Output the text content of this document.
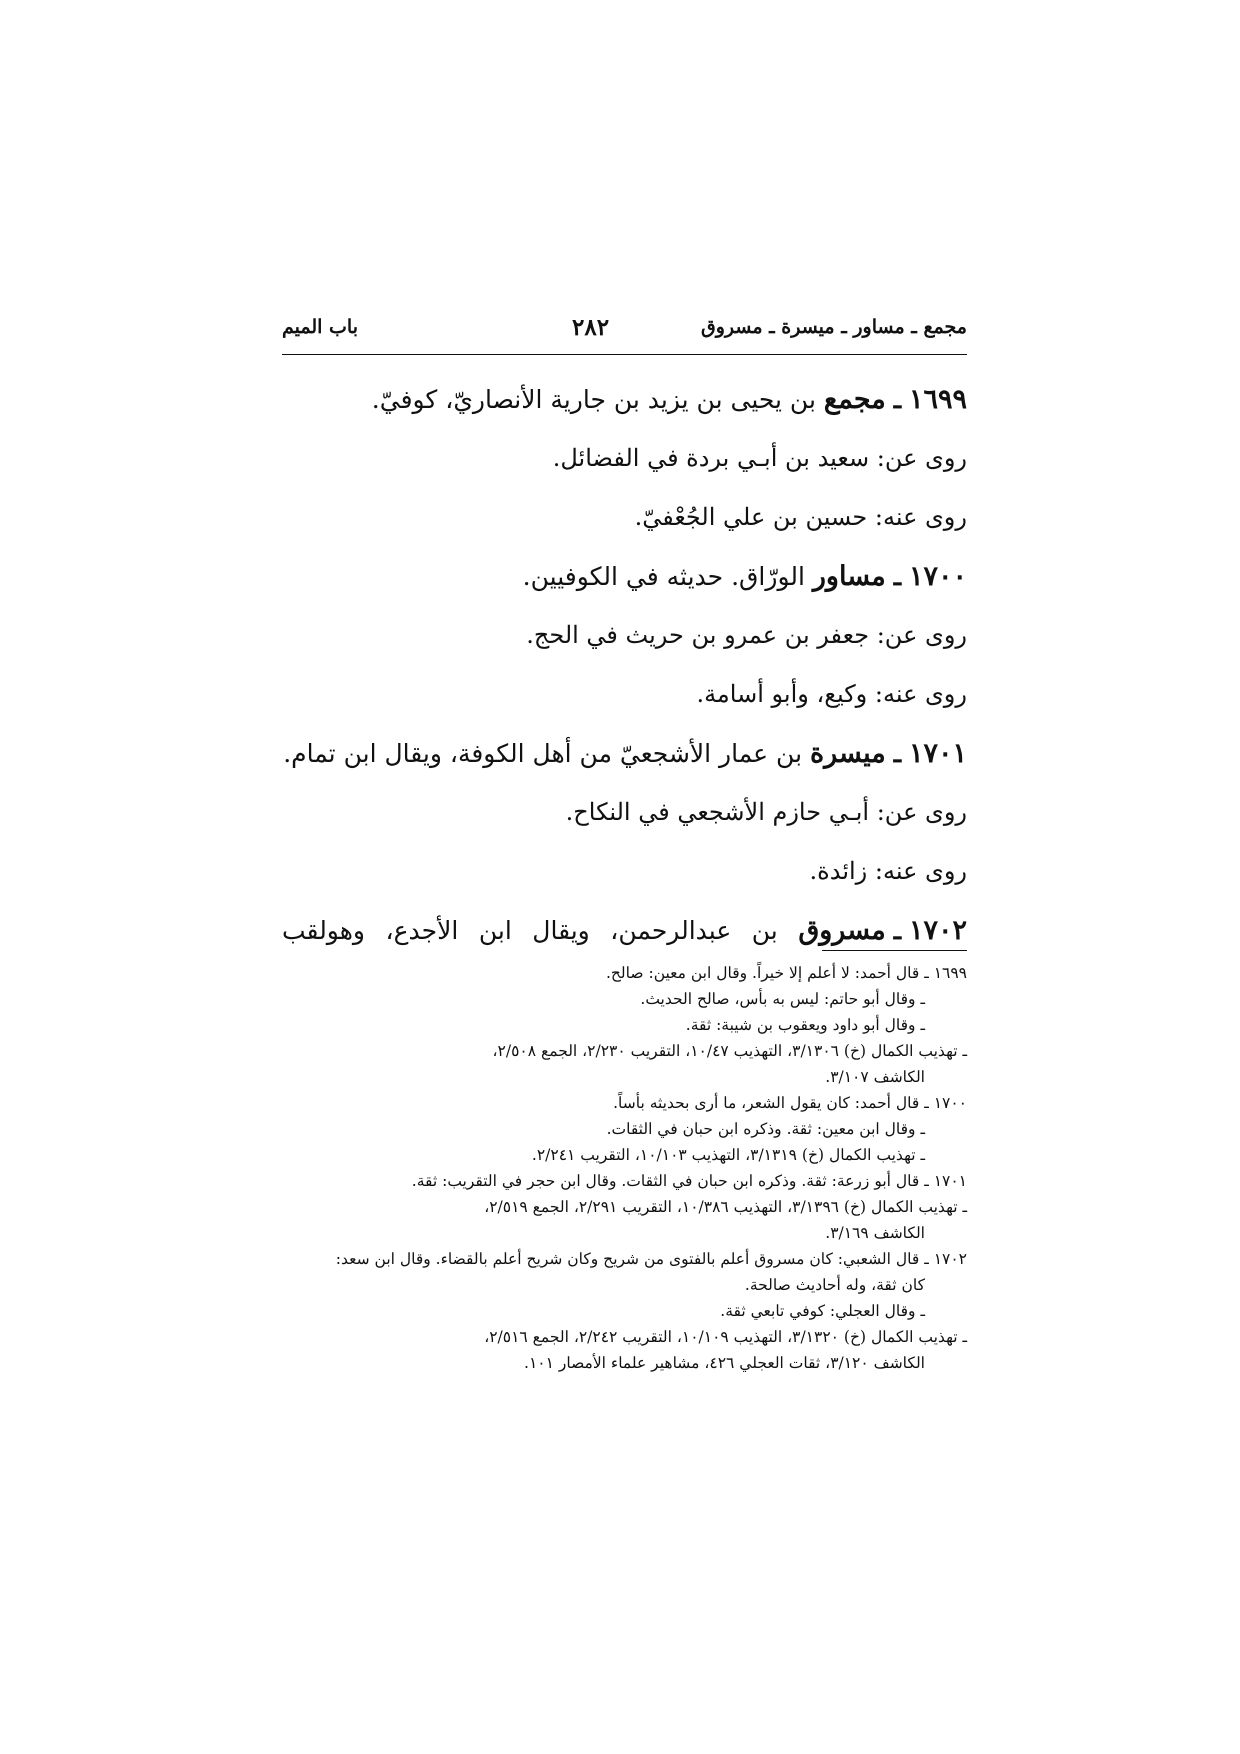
مجمع ـ مساور ـ ميسرة ـ مسروق
٢٨٢
باب الميم
١٦٩٩ ـ مجمع بن يحيى بن يزيد بن جارية الأنصاريّ، كوفيّ.
روى عن: سعيد بن أبـي بردة في الفضائل.
روى عنه: حسين بن علي الجُعْفيّ.
١٧٠٠ ـ مساور الورّاق. حديثه في الكوفيين.
روى عن: جعفر بن عمرو بن حريث في الحج.
روى عنه: وكيع، وأبو أسامة.
١٧٠١ ـ ميسرة بن عمار الأشجعيّ من أهل الكوفة، ويقال ابن تمام.
روى عن: أبـي حازم الأشجعي في النكاح.
روى عنه: زائدة.
١٧٠٢ ـ مسروق
بن
عبدالرحمن،
ويقال
ابن
الأجدع،
وهولقب
١٦٩٩ ـ قال أحمد: لا أعلم إلا خيراً. وقال ابن معين: صالح.
ـ وقال أبو حاتم: ليس به بأس، صالح الحديث.
ـ وقال أبو داود ويعقوب بن شيبة: ثقة.
ـ تهذيب الكمال (خ) ٣/١٣٠٦، التهذيب ١٠/٤٧، التقريب ٢/٢٣٠، الجمع ٢/٥٠٨،
الكاشف ٣/١٠٧.
١٧٠٠ ـ قال أحمد: كان يقول الشعر، ما أرى بحديثه بأساً.
ـ وقال ابن معين: ثقة. وذكره ابن حبان في الثقات.
ـ تهذيب الكمال (خ) ٣/١٣١٩، التهذيب ١٠/١٠٣، التقريب ٢/٢٤١.
١٧٠١ ـ قال أبو زرعة: ثقة. وذكره ابن حبان في الثقات. وقال ابن حجر في التقريب: ثقة.
ـ تهذيب الكمال (خ) ٣/١٣٩٦، التهذيب ١٠/٣٨٦، التقريب ٢/٢٩١، الجمع ٢/٥١٩،
الكاشف ٣/١٦٩.
١٧٠٢ ـ قال الشعبي: كان مسروق أعلم بالفتوى من شريح وكان شريح أعلم بالقضاء. وقال ابن سعد:
كان ثقة، وله أحاديث صالحة.
ـ وقال العجلي: كوفي تابعي ثقة.
ـ تهذيب الكمال (خ) ٣/١٣٢٠، التهذيب ١٠/١٠٩، التقريب ٢/٢٤٢، الجمع ٢/٥١٦،
الكاشف ٣/١٢٠، ثقات العجلي ٤٢٦، مشاهير علماء الأمصار ١٠١.
